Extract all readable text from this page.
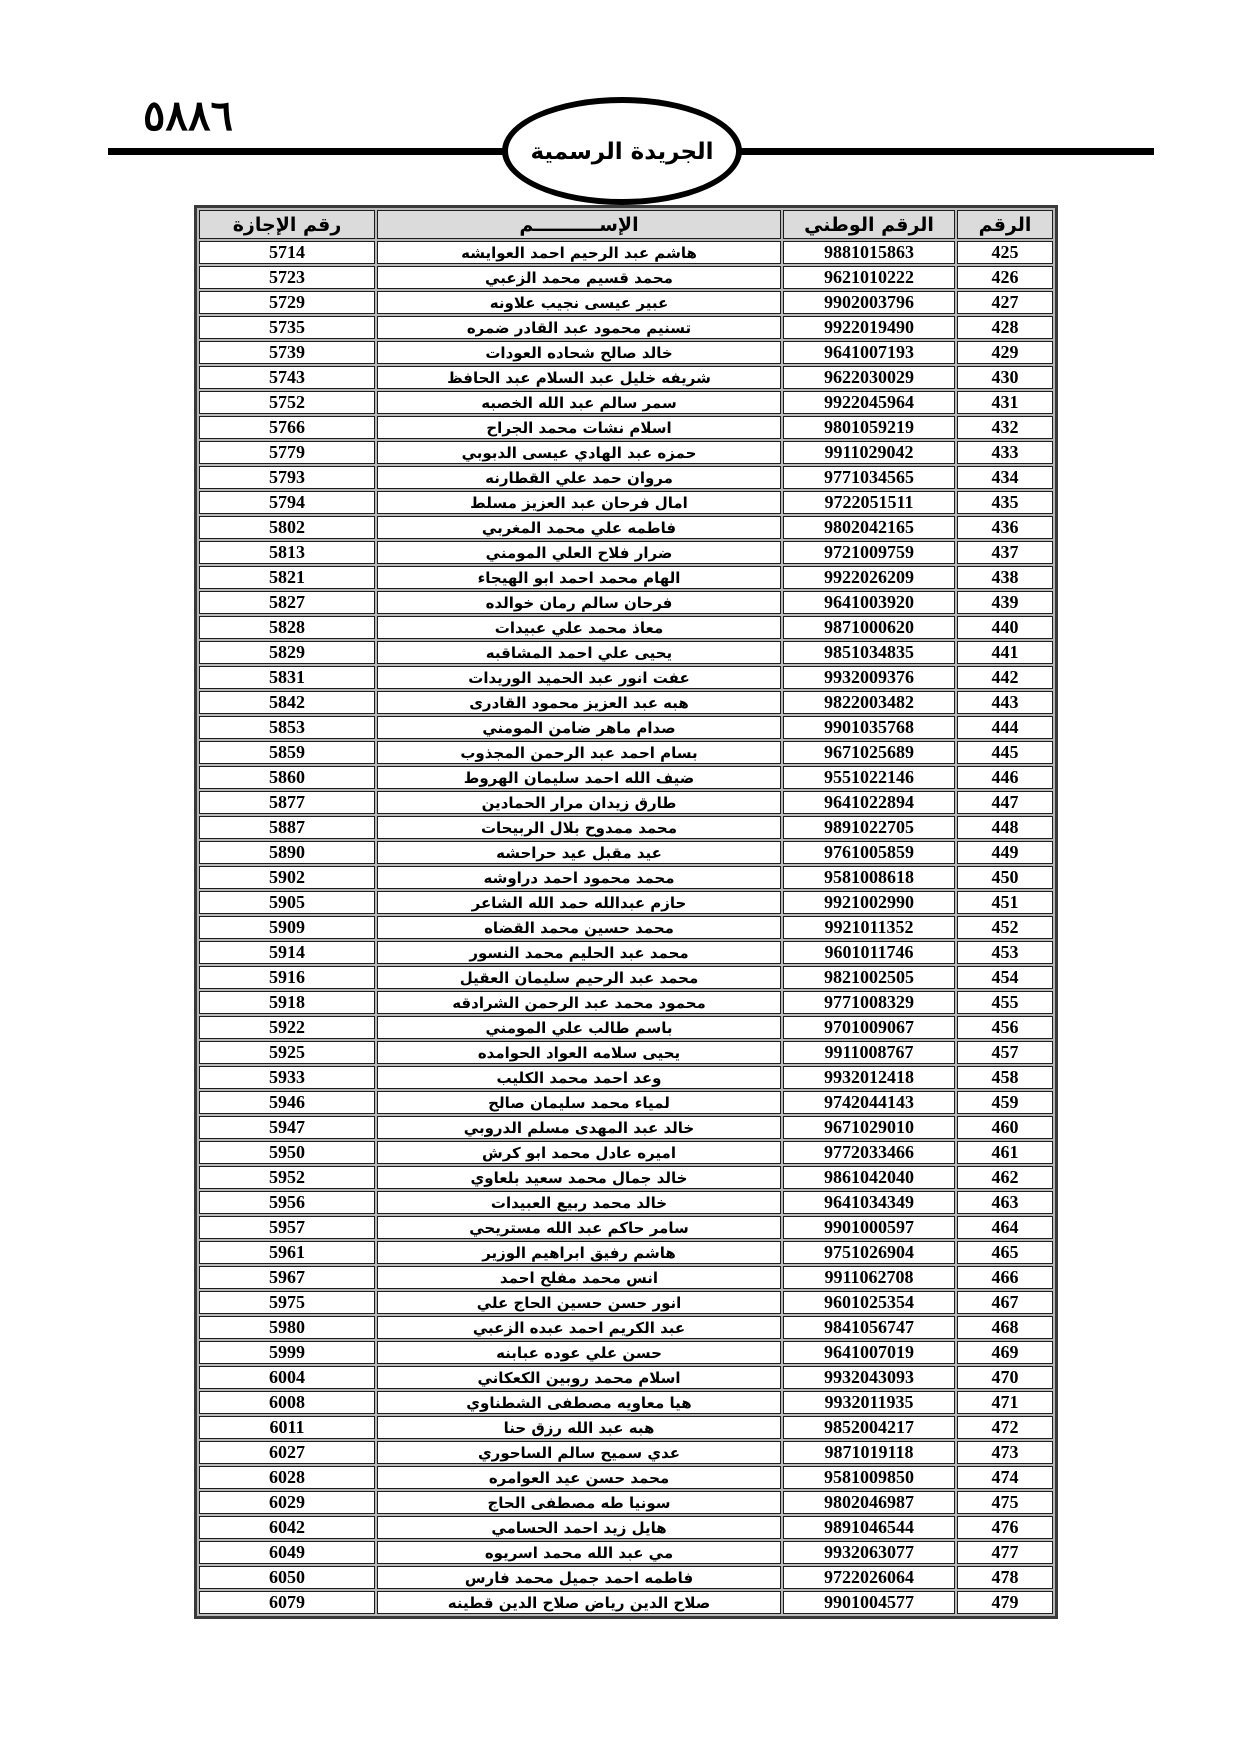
٥٨٨٦
الجريدة الرسمية
الرقم	الرقم الوطني	الإســــــــــم	رقم الإجازة
425	9881015863	هاشم عبد الرحيم احمد العوايشه	5714
426	9621010222	محمد قسيم محمد الزعبي	5723
427	9902003796	عبير عيسى نجيب علاونه	5729
428	9922019490	تسنيم محمود عبد القادر ضمره	5735
429	9641007193	خالد صالح شحاده العودات	5739
430	9622030029	شريفه خليل عبد السلام عبد الحافظ	5743
431	9922045964	سمر سالم عبد الله الخصبه	5752
432	9801059219	اسلام نشات محمد الجراح	5766
433	9911029042	حمزه عبد الهادي عيسى الدبوبي	5779
434	9771034565	مروان حمد علي القطارنه	5793
435	9722051511	امال فرحان عبد العزيز مسلط	5794
436	9802042165	فاطمه علي محمد المغربي	5802
437	9721009759	ضرار فلاح العلي المومني	5813
438	9922026209	الهام محمد احمد ابو الهيجاء	5821
439	9641003920	فرحان سالم رمان خوالده	5827
440	9871000620	معاذ محمد علي عبيدات	5828
441	9851034835	يحيى علي احمد المشاقبه	5829
442	9932009376	عفت انور عبد الحميد الوريدات	5831
443	9822003482	هبه عبد العزيز محمود القادرى	5842
444	9901035768	صدام ماهر ضامن المومني	5853
445	9671025689	بسام احمد عبد الرحمن المجذوب	5859
446	9551022146	ضيف الله احمد سليمان الهروط	5860
447	9641022894	طارق زيدان مرار الحمادين	5877
448	9891022705	محمد ممدوح بلال الربيحات	5887
449	9761005859	عيد مقبل عيد حراحشه	5890
450	9581008618	محمد محمود احمد دراوشه	5902
451	9921002990	حازم عبدالله حمد الله الشاعر	5905
452	9921011352	محمد حسين محمد القضاه	5909
453	9601011746	محمد عبد الحليم محمد النسور	5914
454	9821002505	محمد عبد الرحيم سليمان العقيل	5916
455	9771008329	محمود محمد عبد الرحمن الشرادقه	5918
456	9701009067	باسم طالب علي المومني	5922
457	9911008767	يحيى سلامه العواد الحوامده	5925
458	9932012418	وعد احمد محمد الكليب	5933
459	9742044143	لمياء محمد سليمان صالح	5946
460	9671029010	خالد عبد المهدى مسلم الدروبي	5947
461	9772033466	اميره عادل محمد ابو كرش	5950
462	9861042040	خالد جمال محمد سعيد بلعاوي	5952
463	9641034349	خالد محمد ربيع العبيدات	5956
464	9901000597	سامر حاكم عبد الله مستريحي	5957
465	9751026904	هاشم رفيق ابراهيم الوزير	5961
466	9911062708	انس محمد مفلح احمد	5967
467	9601025354	انور حسن حسين الحاج علي	5975
468	9841056747	عبد الكريم احمد عبده الزعبي	5980
469	9641007019	حسن علي عوده عبابنه	5999
470	9932043093	اسلام محمد روبين الكعكاني	6004
471	9932011935	هيا معاويه مصطفى الشطناوي	6008
472	9852004217	هبه عبد الله رزق حنا	6011
473	9871019118	عدي سميح سالم الساحوري	6027
474	9581009850	محمد حسن عيد العوامره	6028
475	9802046987	سونيا طه مصطفى الحاج	6029
476	9891046544	هايل زيد احمد الحسامي	6042
477	9932063077	مي عبد الله محمد اسريوه	6049
478	9722026064	فاطمه احمد جميل محمد فارس	6050
479	9901004577	صلاح الدين رياض صلاح الدين قطينه	6079
